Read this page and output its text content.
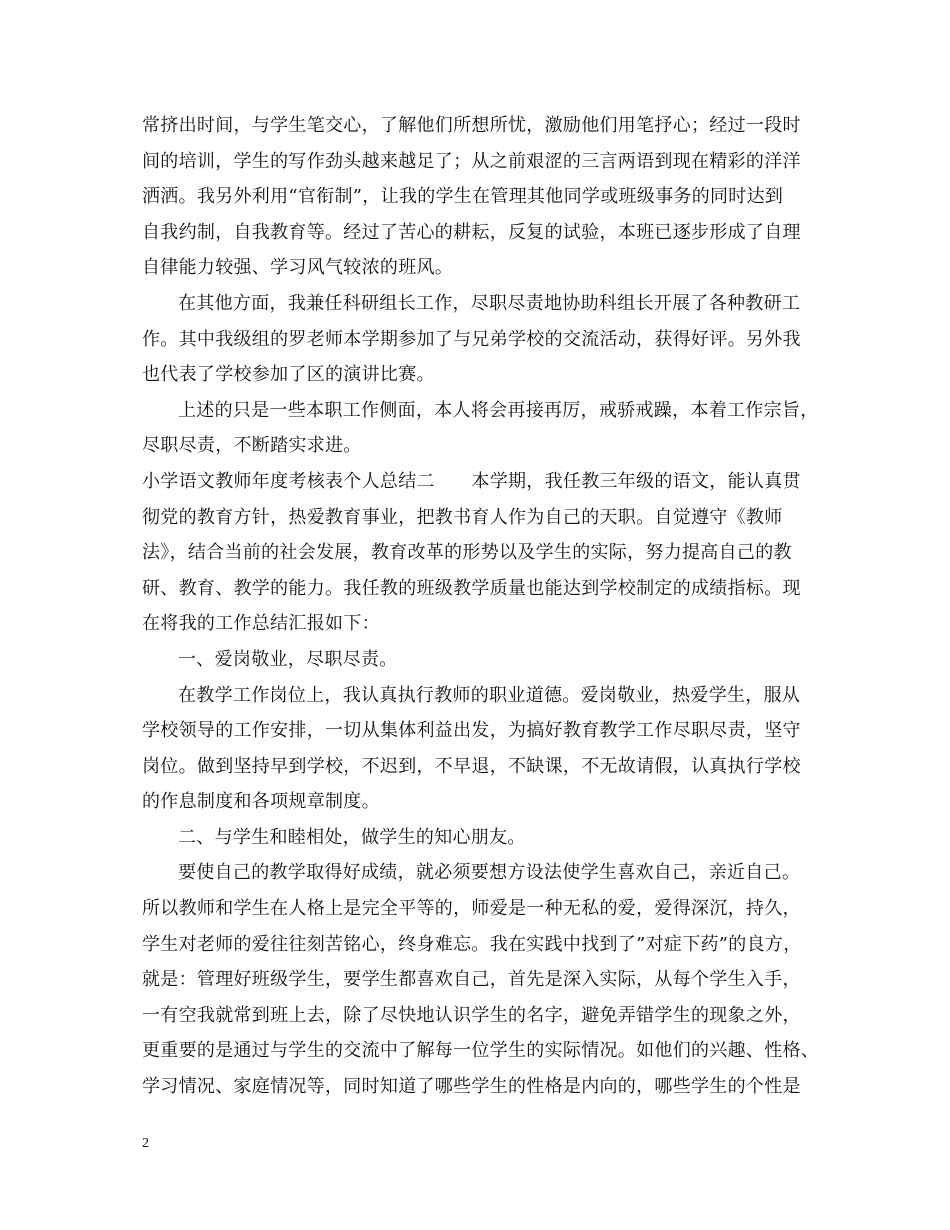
常挤出时间，与学生笔交心，了解他们所想所忧，激励他们用笔抒心；经过一段时
间的培训，学生的写作劲头越来越足了；从之前艰涩的三言两语到现在精彩的洋洋
洒洒。我另外利用“官衔制”，让我的学生在管理其他同学或班级事务的同时达到
自我约制，自我教育等。经过了苦心的耕耘，反复的试验，本班已逐步形成了自理
自律能力较强、学习风气较浓的班风。
在其他方面，我兼任科研组长工作，尽职尽责地协助科组长开展了各种教研工
作。其中我级组的罗老师本学期参加了与兄弟学校的交流活动，获得好评。另外我
也代表了学校参加了区的演讲比赛。
上述的只是一些本职工作侧面，本人将会再接再厉，戒骄戒躁，本着工作宗旨，
尽职尽责，不断踏实求进。
小学语文教师年度考核表个人总结二　　本学期，我任教三年级的语文，能认真贯
彻党的教育方针，热爱教育事业，把教书育人作为自己的天职。自觉遵守《教师
法》，结合当前的社会发展，教育改革的形势以及学生的实际，努力提高自己的教
研、教育、教学的能力。我任教的班级教学质量也能达到学校制定的成绩指标。现
在将我的工作总结汇报如下：
一、爱岗敬业，尽职尽责。
在教学工作岗位上，我认真执行教师的职业道德。爱岗敬业，热爱学生，服从
学校领导的工作安排，一切从集体利益出发，为搞好教育教学工作尽职尽责，坚守
岗位。做到坚持早到学校，不迟到，不早退，不缺课，不无故请假，认真执行学校
的作息制度和各项规章制度。
二、与学生和睦相处，做学生的知心朋友。
要使自己的教学取得好成绩，就必须要想方设法使学生喜欢自己，亲近自己。
所以教师和学生在人格上是完全平等的，师爱是一种无私的爱，爱得深沉，持久，
学生对老师的爱往往刻苦铭心，终身难忘。我在实践中找到了”对症下药”的良方，
就是：管理好班级学生，要学生都喜欢自己，首先是深入实际，从每个学生入手，
一有空我就常到班上去，除了尽快地认识学生的名字，避免弄错学生的现象之外，
更重要的是通过与学生的交流中了解每一位学生的实际情况。如他们的兴趣、性格、
学习情况、家庭情况等，同时知道了哪些学生的性格是内向的，哪些学生的个性是
2
